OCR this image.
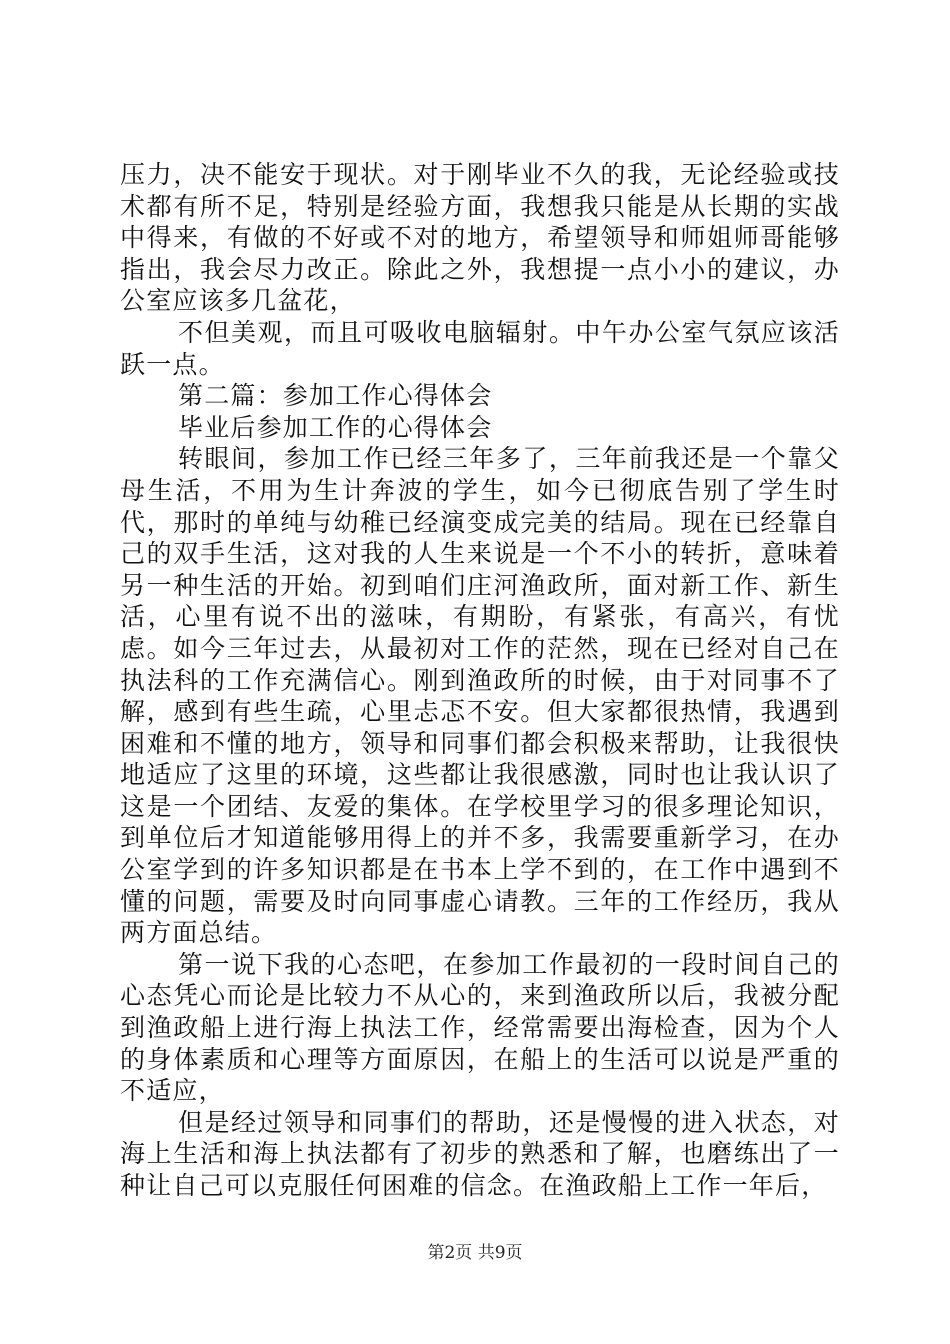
压力，决不能安于现状。对于刚毕业不久的我，无论经验或技术都有所不足，特别是经验方面，我想我只能是从长期的实战中得来，有做的不好或不对的地方，希望领导和师姐师哥能够指出，我会尽力改正。除此之外，我想提一点小小的建议，办公室应该多几盆花，

不但美观，而且可吸收电脑辐射。中午办公室气氛应该活跃一点。

第二篇：参加工作心得体会

毕业后参加工作的心得体会

转眼间，参加工作已经三年多了，三年前我还是一个靠父母生活，不用为生计奔波的学生，如今已彻底告别了学生时代，那时的单纯与幼稚已经演变成完美的结局。现在已经靠自己的双手生活，这对我的人生来说是一个不小的转折，意味着另一种生活的开始。初到咱们庄河渔政所，面对新工作、新生活，心里有说不出的滋味，有期盼，有紧张，有高兴，有忧虑。如今三年过去，从最初对工作的茫然，现在已经对自己在执法科的工作充满信心。刚到渔政所的时候，由于对同事不了解，感到有些生疏，心里忐忑不安。但大家都很热情，我遇到困难和不懂的地方，领导和同事们都会积极来帮助，让我很快地适应了这里的环境，这些都让我很感激，同时也让我认识了这是一个团结、友爱的集体。在学校里学习的很多理论知识，到单位后才知道能够用得上的并不多，我需要重新学习，在办公室学到的许多知识都是在书本上学不到的，在工作中遇到不懂的问题，需要及时向同事虚心请教。三年的工作经历，我从两方面总结。

第一说下我的心态吧，在参加工作最初的一段时间自己的心态凭心而论是比较力不从心的，来到渔政所以后，我被分配到渔政船上进行海上执法工作，经常需要出海检查，因为个人的身体素质和心理等方面原因，在船上的生活可以说是严重的不适应，

但是经过领导和同事们的帮助，还是慢慢的进入状态，对海上生活和海上执法都有了初步的熟悉和了解，也磨练出了一种让自己可以克服任何困难的信念。在渔政船上工作一年后，

第2页 共9页
